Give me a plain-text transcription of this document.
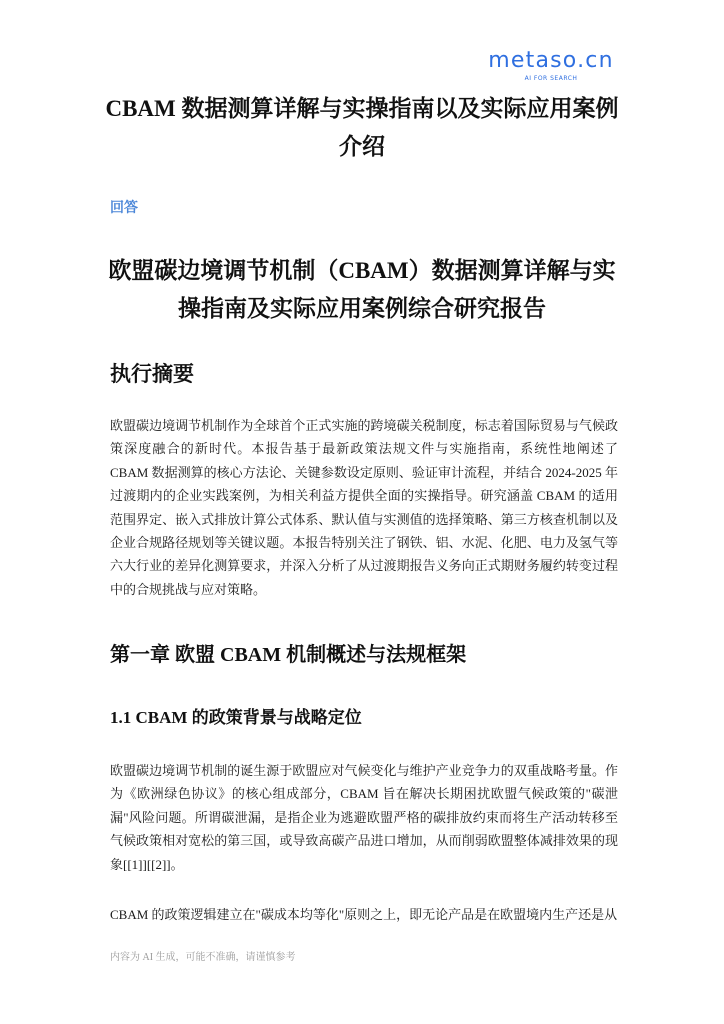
metaso.cn
AI FOR SEARCH
CBAM 数据测算详解与实操指南以及实际应用案例介绍
回答
欧盟碳边境调节机制（CBAM）数据测算详解与实操指南及实际应用案例综合研究报告
执行摘要

欧盟碳边境调节机制作为全球首个正式实施的跨境碳关税制度，标志着国际贸易与气候政策深度融合的新时代。本报告基于最新政策法规文件与实施指南，系统性地阐述了 CBAM 数据测算的核心方法论、关键参数设定原则、验证审计流程，并结合 2024-2025 年过渡期内的企业实践案例，为相关利益方提供全面的实操指导。研究涵盖 CBAM 的适用范围界定、嵌入式排放计算公式体系、默认值与实测值的选择策略、第三方核查机制以及企业合规路径规划等关键议题。本报告特别关注了钢铁、铝、水泥、化肥、电力及氢气等六大行业的差异化测算要求，并深入分析了从过渡期报告义务向正式期财务履约转变过程中的合规挑战与应对策略。

第一章 欧盟 CBAM 机制概述与法规框架
1.1 CBAM 的政策背景与战略定位

欧盟碳边境调节机制的诞生源于欧盟应对气候变化与维护产业竞争力的双重战略考量。作为《欧洲绿色协议》的核心组成部分，CBAM 旨在解决长期困扰欧盟气候政策的"碳泄漏"风险问题。所谓碳泄漏，是指企业为逃避欧盟严格的碳排放约束而将生产活动转移至气候政策相对宽松的第三国，或导致高碳产品进口增加，从而削弱欧盟整体减排效果的现象[[1]][[2]]。

CBAM 的政策逻辑建立在"碳成本均等化"原则之上，即无论产品是在欧盟境内生产还是从

内容为 AI 生成，可能不准确，请谨慎参考
